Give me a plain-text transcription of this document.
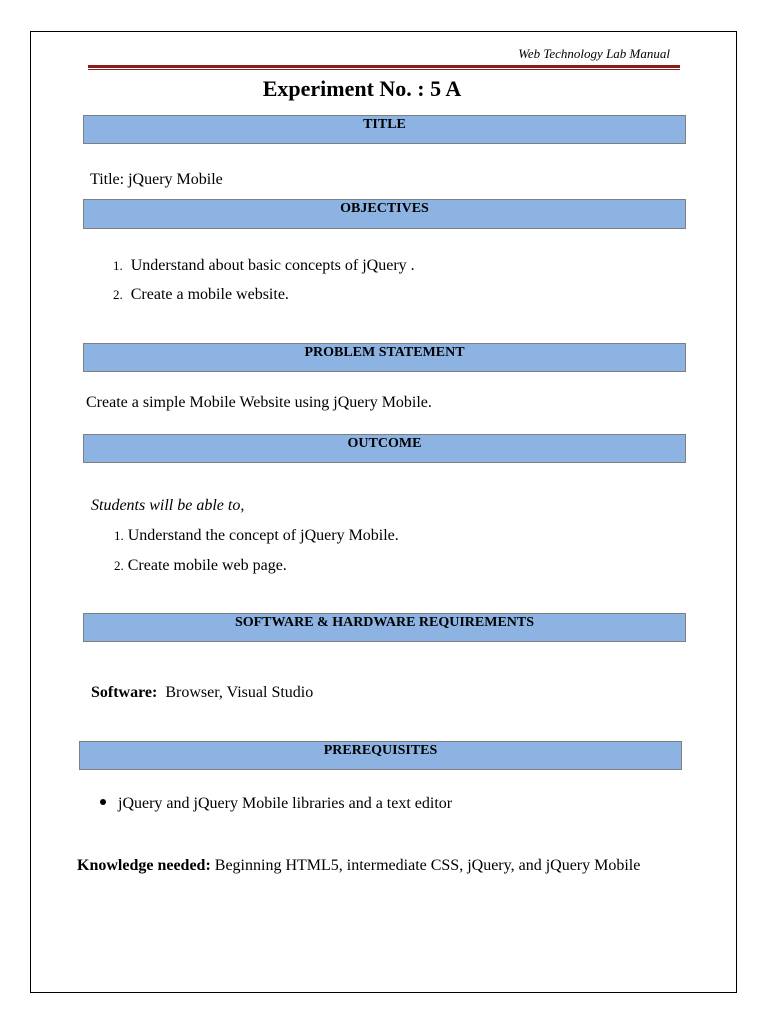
Web Technology Lab Manual
Experiment No. : 5 A
TITLE
Title: jQuery Mobile
OBJECTIVES
1. Understand about basic concepts of jQuery .
2. Create a mobile website.
PROBLEM STATEMENT
Create a simple Mobile Website using jQuery Mobile.
OUTCOME
Students will be able to,
1. Understand the concept of jQuery Mobile.
2. Create mobile web page.
SOFTWARE & HARDWARE REQUIREMENTS
Software: Browser, Visual Studio
PREREQUISITES
jQuery and jQuery Mobile libraries and a text editor
Knowledge needed: Beginning HTML5, intermediate CSS, jQuery, and jQuery Mobile
